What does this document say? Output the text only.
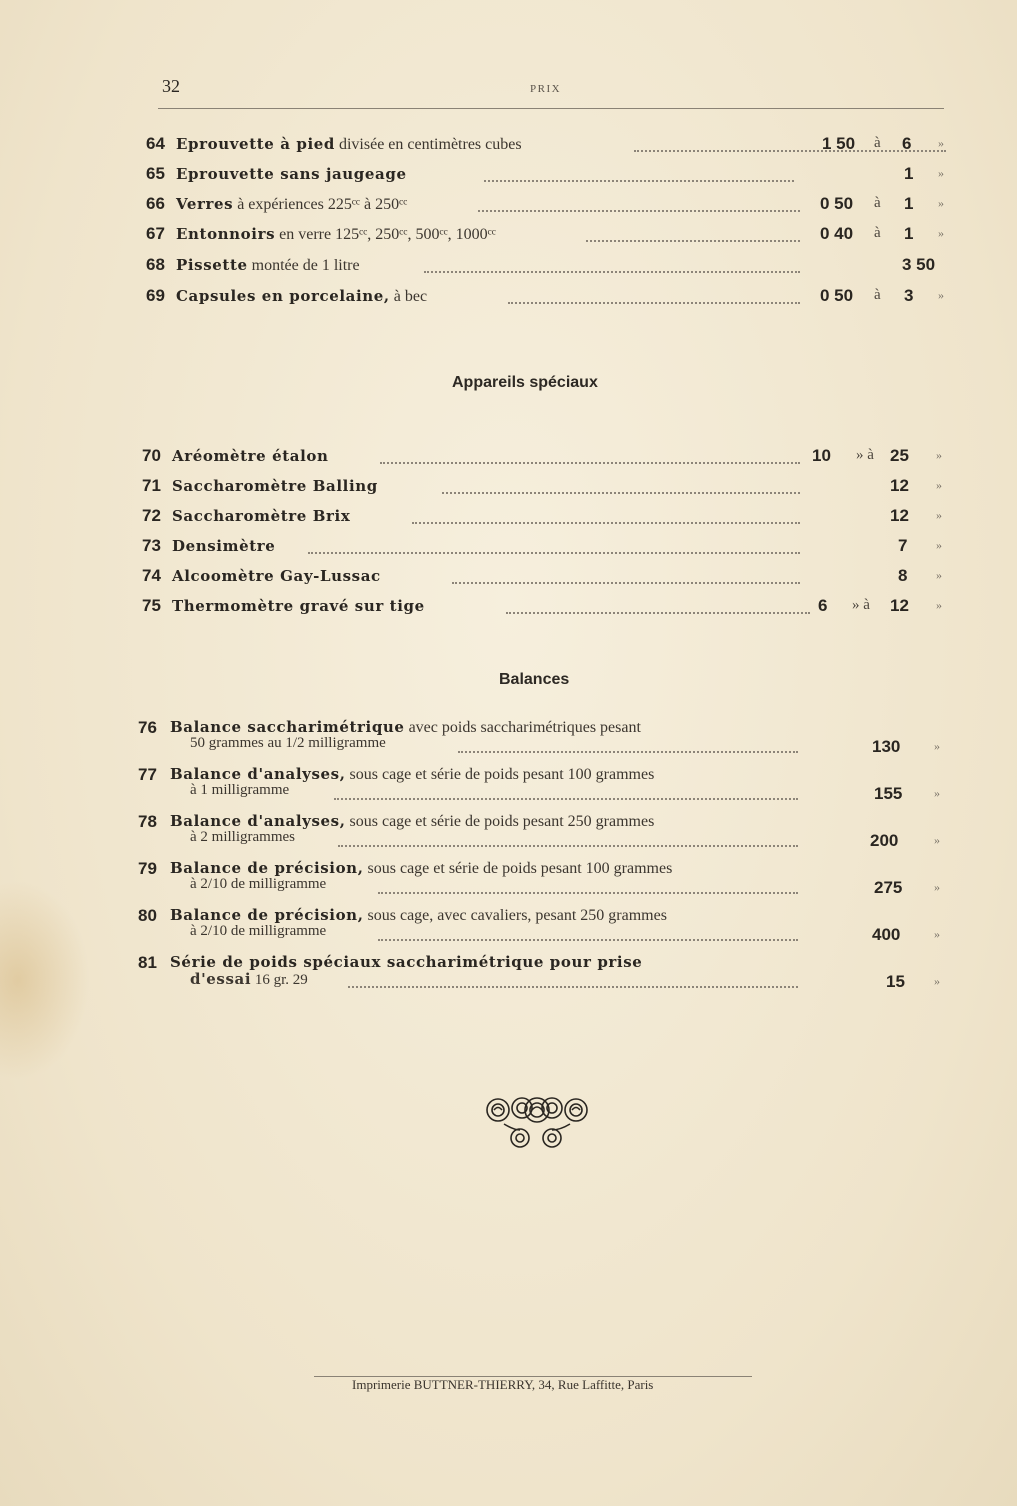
32	PRIX
64 Eprouvette à pied divisée en centimètres cubes	1 50 à 6 »
65 Eprouvette sans jaugeage	1 »
66 Verres à expériences 225ᶜᶜ à 250ᶜᶜ	0 50 à 1 »
67 Entonnoirs en verre 125ᶜᶜ, 250ᶜᶜ, 500ᶜᶜ, 1000ᶜᶜ	0 40 à 1 »
68 Pissette montée de 1 litre	3 50
69 Capsules en porcelaine, à bec	0 50 à 3 »
Appareils spéciaux
70 Aréomètre étalon	10 » à 25 »
71 Saccharomètre Balling	12 »
72 Saccharomètre Brix	12 »
73 Densimètre	7 »
74 Alcoomètre Gay-Lussac	8 »
75 Thermomètre gravé sur tige	6 » à 12 »
Balances
76 Balance saccharimétrique avec poids saccharimétriques pesant
50 grammes au 1/2 milligramme	130	»
77 Balance d'analyses, sous cage et série de poids pesant 100 grammes
à 1 milligramme	155	»
78 Balance d'analyses, sous cage et série de poids pesant 250 grammes
à 2 milligrammes	200	»
79 Balance de précision, sous cage et série de poids pesant 100 grammes
à 2/10 de milligramme	275	»
80 Balance de précision, sous cage, avec cavaliers, pesant 250 grammes
à 2/10 de milligramme	400	»
81 Série de poids spéciaux saccharimétrique pour prise
d'essai 16 gr. 29	15 »
Imprimerie BUTTNER-THIERRY, 34, Rue Laffitte, Paris
